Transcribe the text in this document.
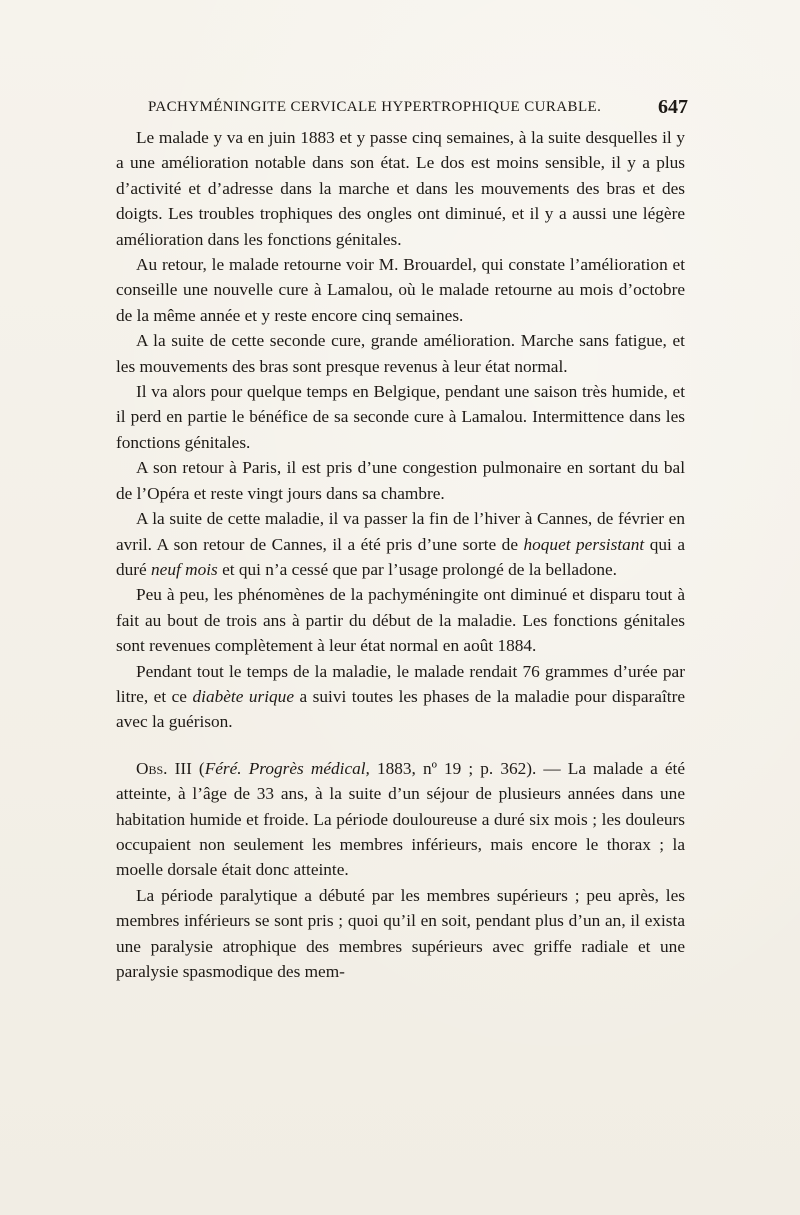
PACHYMÉNINGITE CERVICALE HYPERTROPHIQUE CURABLE.	647

Le malade y va en juin 1883 et y passe cinq semaines, à la suite desquelles il y a une amélioration notable dans son état. Le dos est moins sensible, il y a plus d’activité et d’adresse dans la marche et dans les mouvements des bras et des doigts. Les troubles trophiques des ongles ont diminué, et il y a aussi une légère amélioration dans les fonctions génitales.

Au retour, le malade retourne voir M. Brouardel, qui constate l’amélioration et conseille une nouvelle cure à Lamalou, où le malade retourne au mois d’octobre de la même année et y reste encore cinq semaines.

A la suite de cette seconde cure, grande amélioration. Marche sans fatigue, et les mouvements des bras sont presque revenus à leur état normal.

Il va alors pour quelque temps en Belgique, pendant une saison très humide, et il perd en partie le bénéfice de sa seconde cure à Lamalou. Intermittence dans les fonctions génitales.

A son retour à Paris, il est pris d’une congestion pulmonaire en sortant du bal de l’Opéra et reste vingt jours dans sa chambre.

A la suite de cette maladie, il va passer la fin de l’hiver à Cannes, de février en avril. A son retour de Cannes, il a été pris d’une sorte de hoquet persistant qui a duré neuf mois et qui n’a cessé que par l’usage prolongé de la belladone.

Peu à peu, les phénomènes de la pachyméningite ont diminué et disparu tout à fait au bout de trois ans à partir du début de la maladie. Les fonctions génitales sont revenues complètement à leur état normal en août 1884.

Pendant tout le temps de la maladie, le malade rendait 76 grammes d’urée par litre, et ce diabète urique a suivi toutes les phases de la maladie pour disparaître avec la guérison.

Obs. III (Féré. Progrès médical, 1883, nº 19 ; p. 362). — La malade a été atteinte, à l’âge de 33 ans, à la suite d’un séjour de plusieurs années dans une habitation humide et froide. La période douloureuse a duré six mois ; les douleurs occupaient non seulement les membres inférieurs, mais encore le thorax ; la moelle dorsale était donc atteinte.

La période paralytique a débuté par les membres supérieurs ; peu après, les membres inférieurs se sont pris ; quoi qu’il en soit, pendant plus d’un an, il exista une paralysie atrophique des membres supérieurs avec griffe radiale et une paralysie spasmodique des mem-
